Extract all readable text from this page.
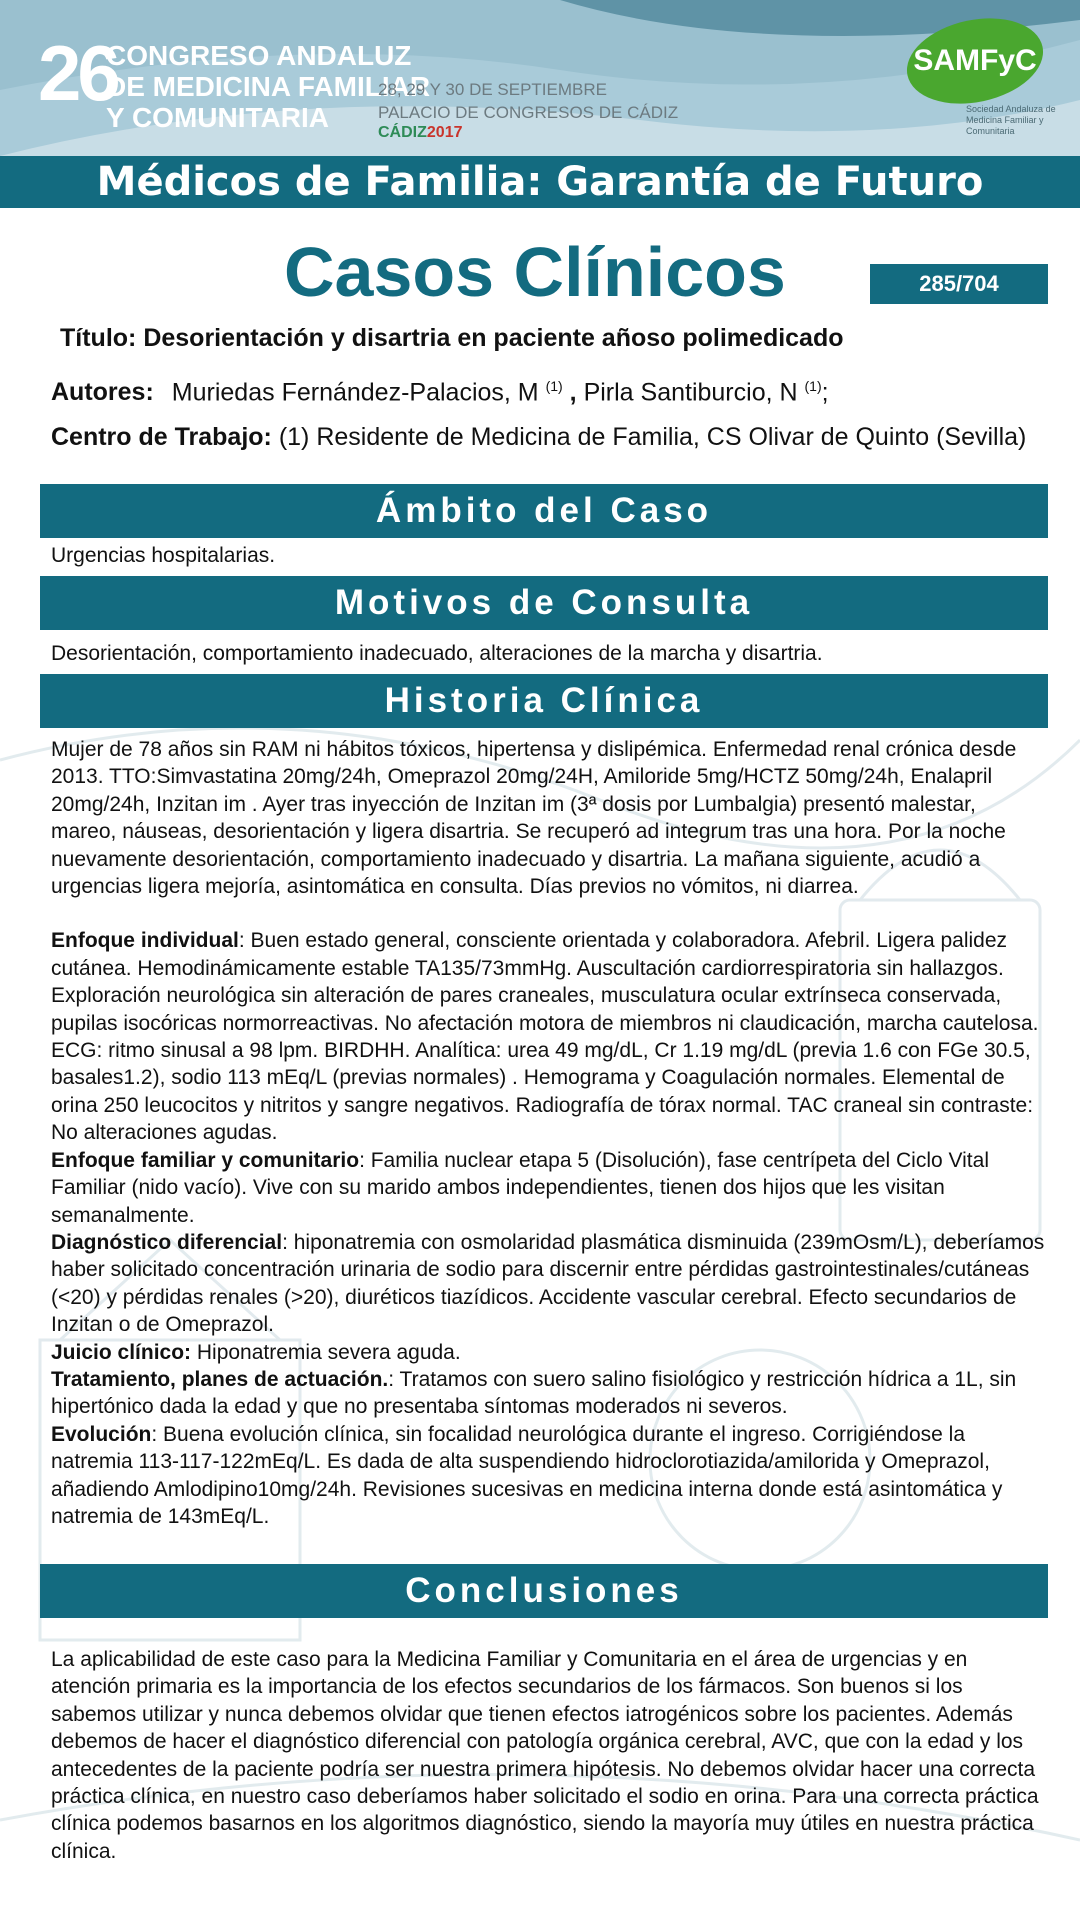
26
CONGRESO ANDALUZ
DE MEDICINA FAMILIAR
Y COMUNITARIA
28, 29 Y 30 DE SEPTIEMBRE
PALACIO DE CONGRESOS DE CÁDIZ
CÁDIZ2017
SAMFyC
Sociedad Andaluza de Medicina Familiar y Comunitaria
Médicos de Familia: Garantía de Futuro
Casos Clínicos	285/704
Título: Desorientación y disartria en paciente añoso polimedicado
Autores: Muriedas Fernández-Palacios, M $^{(1)}$ , Pirla Santiburcio, N $^{(1)}$;
Centro de Trabajo: (1) Residente de Medicina de Familia, CS Olivar de Quinto (Sevilla)
Ámbito del Caso
Urgencias hospitalarias.
Motivos de Consulta
Desorientación, comportamiento inadecuado, alteraciones de la marcha y disartria.
Historia Clínica

Mujer de 78 años sin RAM ni hábitos tóxicos, hipertensa y dislipémica. Enfermedad renal crónica desde 2013. TTO:Simvastatina 20mg/24h, Omeprazol 20mg/24H, Amiloride 5mg/HCTZ 50mg/24h, Enalapril 20mg/24h, Inzitan im . Ayer tras inyección de Inzitan im (3ª dosis por Lumbalgia) presentó malestar, mareo, náuseas, desorientación y ligera disartria. Se recuperó ad integrum tras una hora. Por la noche nuevamente desorientación, comportamiento inadecuado y disartria. La mañana siguiente, acudió a urgencias ligera mejoría, asintomática en consulta. Días previos no vómitos, ni diarrea.

Enfoque individual: Buen estado general, consciente orientada y colaboradora. Afebril. Ligera palidez cutánea. Hemodinámicamente estable TA135/73mmHg. Auscultación cardiorrespiratoria sin hallazgos. Exploración neurológica sin alteración de pares craneales, musculatura ocular extrínseca conservada, pupilas isocóricas normorreactivas. No afectación motora de miembros ni claudicación, marcha cautelosa. ECG: ritmo sinusal a 98 lpm. BIRDHH. Analítica: urea 49 mg/dL, Cr 1.19 mg/dL (previa 1.6 con FGe 30.5, basales1.2), sodio 113 mEq/L (previas normales) . Hemograma y Coagulación normales. Elemental de orina 250 leucocitos y nitritos y sangre negativos. Radiografía de tórax normal. TAC craneal sin contraste: No alteraciones agudas.

Enfoque familiar y comunitario: Familia nuclear etapa 5 (Disolución), fase centrípeta del Ciclo Vital Familiar (nido vacío). Vive con su marido ambos independientes, tienen dos hijos que les visitan semanalmente.

Diagnóstico diferencial: hiponatremia con osmolaridad plasmática disminuida (239mOsm/L), deberíamos haber solicitado concentración urinaria de sodio para discernir entre pérdidas gastrointestinales/cutáneas (<20) y pérdidas renales (>20), diuréticos tiazídicos. Accidente vascular cerebral. Efecto secundarios de Inzitan o de Omeprazol.

Juicio clínico: Hiponatremia severa aguda.

Tratamiento, planes de actuación.: Tratamos con suero salino fisiológico y restricción hídrica a 1L, sin hipertónico dada la edad y que no presentaba síntomas moderados ni severos.

Evolución: Buena evolución clínica, sin focalidad neurológica durante el ingreso. Corrigiéndose la natremia 113-117-122mEq/L. Es dada de alta suspendiendo hidroclorotiazida/amilorida y Omeprazol, añadiendo Amlodipino10mg/24h. Revisiones sucesivas en medicina interna donde está asintomática y natremia de 143mEq/L.

Conclusiones
La aplicabilidad de este caso para la Medicina Familiar y Comunitaria en el área de urgencias y en atención primaria es la importancia de los efectos secundarios de los fármacos. Son buenos si los sabemos utilizar y nunca debemos olvidar que tienen efectos iatrogénicos sobre los pacientes. Además debemos de hacer el diagnóstico diferencial con patología orgánica cerebral, AVC, que con la edad y los antecedentes de la paciente podría ser nuestra primera hipótesis. No debemos olvidar hacer una correcta práctica clínica, en nuestro caso deberíamos haber solicitado el sodio en orina. Para una correcta práctica clínica podemos basarnos en los algoritmos diagnóstico, siendo la mayoría muy útiles en nuestra práctica clínica.
